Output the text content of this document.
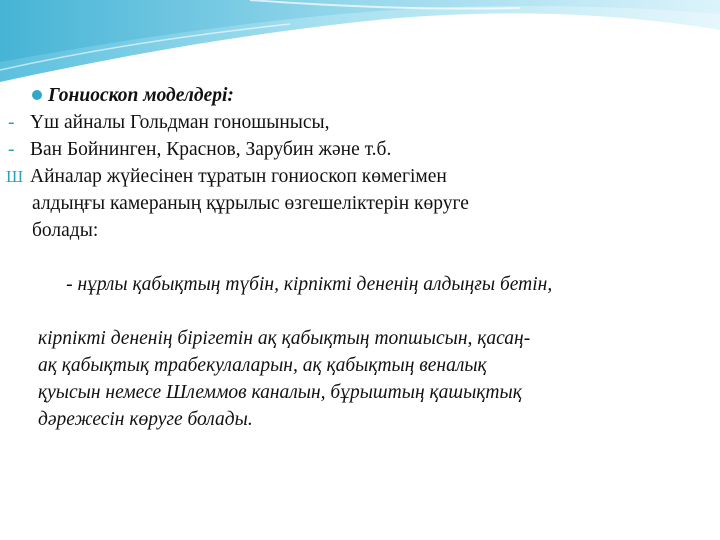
Гониоскоп моделдері:
- Үш айналы Гольдман гоношынысы,
- Ван Бойнинген, Краснов, Зарубин және т.б.
Ш Айналар жүйесінен тұратын гониоскоп көмегімен
алдыңғы камераның құрылыс өзгешеліктерін көруге
болады:

- нұрлы қабықтың түбін, кірпікті дененің алдыңғы бетін,

кірпікті дененің бірігетін ақ қабықтың топшысын, қасаң-
ақ қабықтық трабекулаларын, ақ қабықтың веналық
қуысын немесе Шлеммов каналын, бұрыштың қашықтық
дәрежесін көруге болады.
